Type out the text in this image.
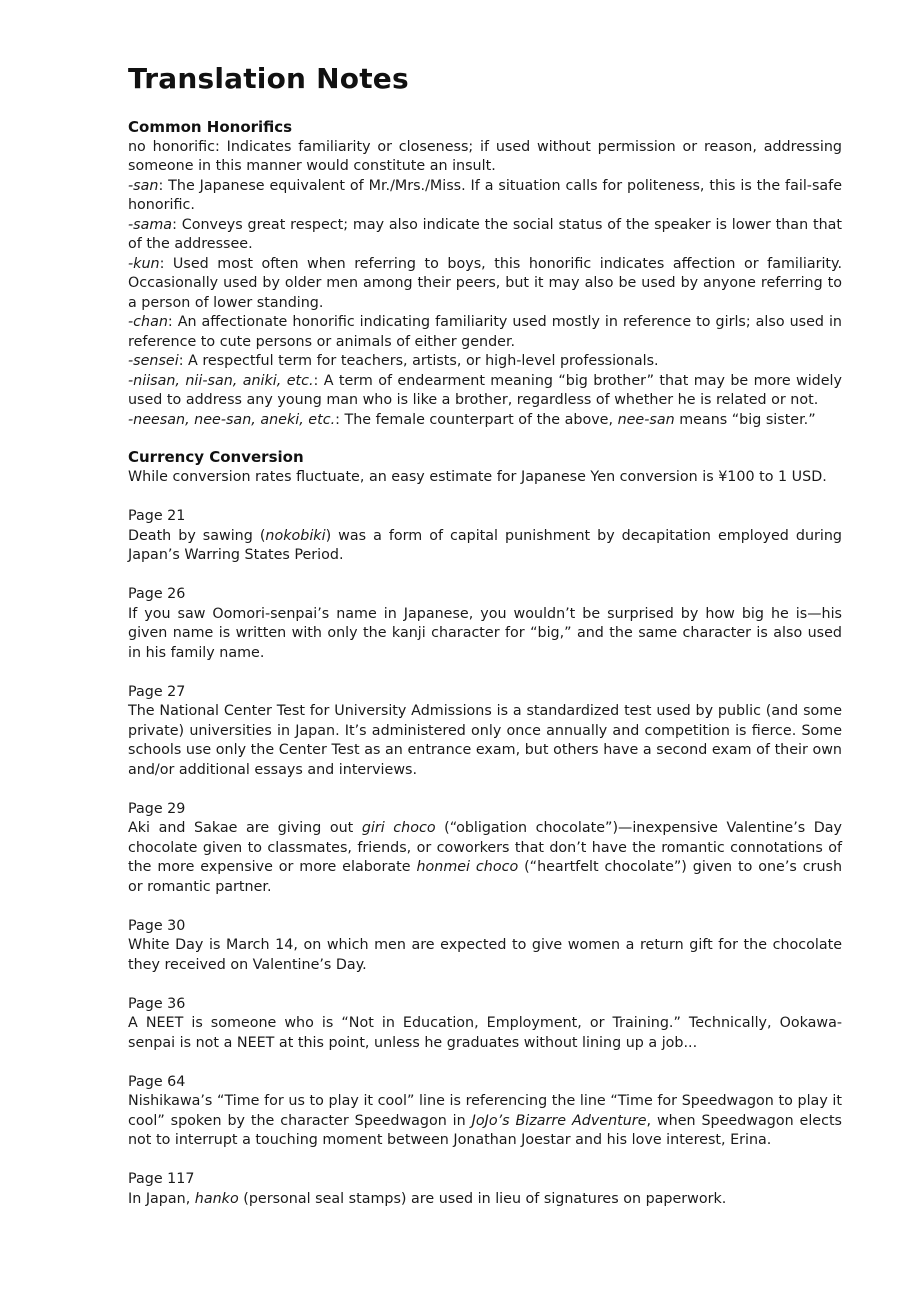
Translation Notes
Common Honorifics

no honorific: Indicates familiarity or closeness; if used without permission or reason, addressing someone in this manner would constitute an insult.

-san: The Japanese equivalent of Mr./Mrs./Miss. If a situation calls for politeness, this is the fail-safe honorific.

-sama: Conveys great respect; may also indicate the social status of the speaker is lower than that of the addressee.

-kun: Used most often when referring to boys, this honorific indicates affection or familiarity. Occasionally used by older men among their peers, but it may also be used by anyone referring to a person of lower standing.

-chan: An affectionate honorific indicating familiarity used mostly in reference to girls; also used in reference to cute persons or animals of either gender.

-sensei: A respectful term for teachers, artists, or high-level professionals.

-niisan, nii-san, aniki, etc.: A term of endearment meaning “big brother” that may be more widely used to address any young man who is like a brother, regardless of whether he is related or not.

-neesan, nee-san, aneki, etc.: The female counterpart of the above, nee-san means “big sister.”

Currency Conversion

While conversion rates fluctuate, an easy estimate for Japanese Yen conversion is ¥100 to 1 USD.

Page 21

Death by sawing (nokobiki) was a form of capital punishment by decapitation employed during Japan’s Warring States Period.

Page 26

If you saw Oomori-senpai’s name in Japanese, you wouldn’t be surprised by how big he is—his given name is written with only the kanji character for “big,” and the same character is also used in his family name.

Page 27

The National Center Test for University Admissions is a standardized test used by public (and some private) universities in Japan. It’s administered only once annually and competition is fierce. Some schools use only the Center Test as an entrance exam, but others have a second exam of their own and/or additional essays and interviews.

Page 29

Aki and Sakae are giving out giri choco (“obligation chocolate”)—inexpensive Valentine’s Day chocolate given to classmates, friends, or coworkers that don’t have the romantic connotations of the more expensive or more elaborate honmei choco (“heartfelt chocolate”) given to one’s crush or romantic partner.

Page 30

White Day is March 14, on which men are expected to give women a return gift for the chocolate they received on Valentine’s Day.

Page 36

A NEET is someone who is “Not in Education, Employment, or Training.” Technically, Ookawa-senpai is not a NEET at this point, unless he graduates without lining up a job...

Page 64

Nishikawa’s “Time for us to play it cool” line is referencing the line “Time for Speedwagon to play it cool” spoken by the character Speedwagon in JoJo’s Bizarre Adventure, when Speedwagon elects not to interrupt a touching moment between Jonathan Joestar and his love interest, Erina.

Page 117

In Japan, hanko (personal seal stamps) are used in lieu of signatures on paperwork.
